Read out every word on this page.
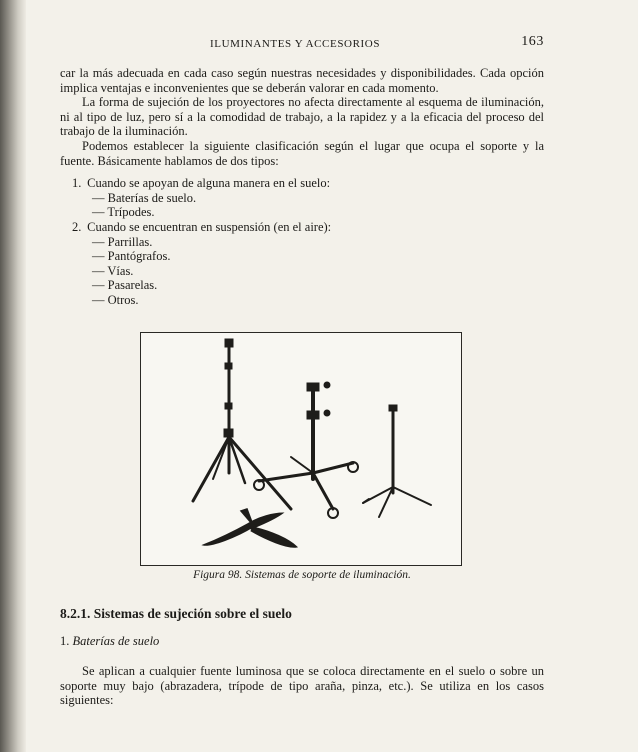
ILUMINANTES Y ACCESORIOS	163

car la más adecuada en cada caso según nuestras necesidades y disponibilidades. Cada opción implica ventajas e inconvenientes que se deberán valorar en cada momento.

La forma de sujeción de los proyectores no afecta directamente al esquema de iluminación, ni al tipo de luz, pero sí a la comodidad de trabajo, a la rapidez y a la eficacia del proceso del trabajo de la iluminación.

Podemos establecer la siguiente clasificación según el lugar que ocupa el soporte y la fuente. Básicamente hablamos de dos tipos:

1. Cuando se apoyan de alguna manera en el suelo:
— Baterías de suelo.
— Trípodes.
2. Cuando se encuentran en suspensión (en el aire):
— Parrillas.
— Pantógrafos.
— Vías.
— Pasarelas.
— Otros.
Figura 98. Sistemas de soporte de iluminación.
8.2.1. Sistemas de sujeción sobre el suelo
1. Baterías de suelo

Se aplican a cualquier fuente luminosa que se coloca directamente en el suelo o sobre un soporte muy bajo (abrazadera, trípode de tipo araña, pinza, etc.). Se utiliza en los casos siguientes:
